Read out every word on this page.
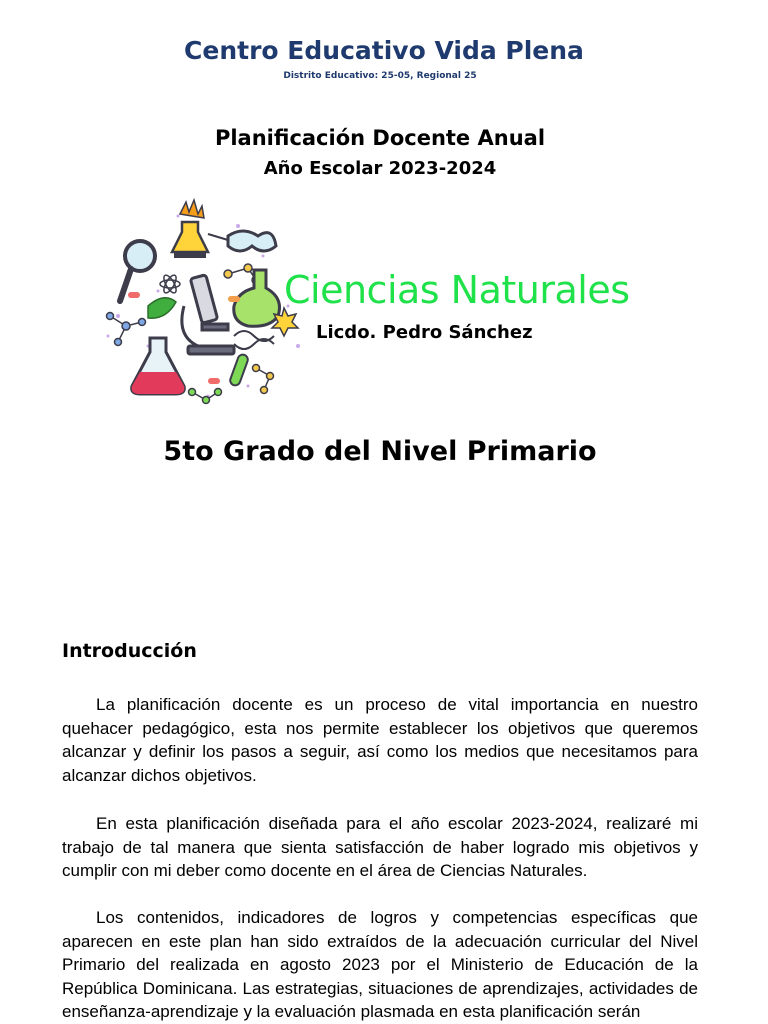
Centro Educativo Vida Plena
Distrito Educativo: 25-05, Regional 25
Planificación Docente Anual
Año Escolar 2023-2024
Ciencias Naturales
Licdo. Pedro Sánchez
5to Grado del Nivel Primario
Introducción

La planificación docente es un proceso de vital importancia en nuestro quehacer pedagógico, esta nos permite establecer los objetivos que queremos alcanzar y definir los pasos a seguir, así como los medios que necesitamos para alcanzar dichos objetivos.

En esta planificación diseñada para el año escolar 2023-2024, realizaré mi trabajo de tal manera que sienta satisfacción de haber logrado mis objetivos y cumplir con mi deber como docente en el área de Ciencias Naturales.

Los contenidos, indicadores de logros y competencias específicas que aparecen en este plan han sido extraídos de la adecuación curricular del Nivel Primario del realizada en agosto 2023 por el Ministerio de Educación de la República Dominicana. Las estrategias, situaciones de aprendizajes, actividades de enseñanza-aprendizaje y la evaluación plasmada en esta planificación serán
